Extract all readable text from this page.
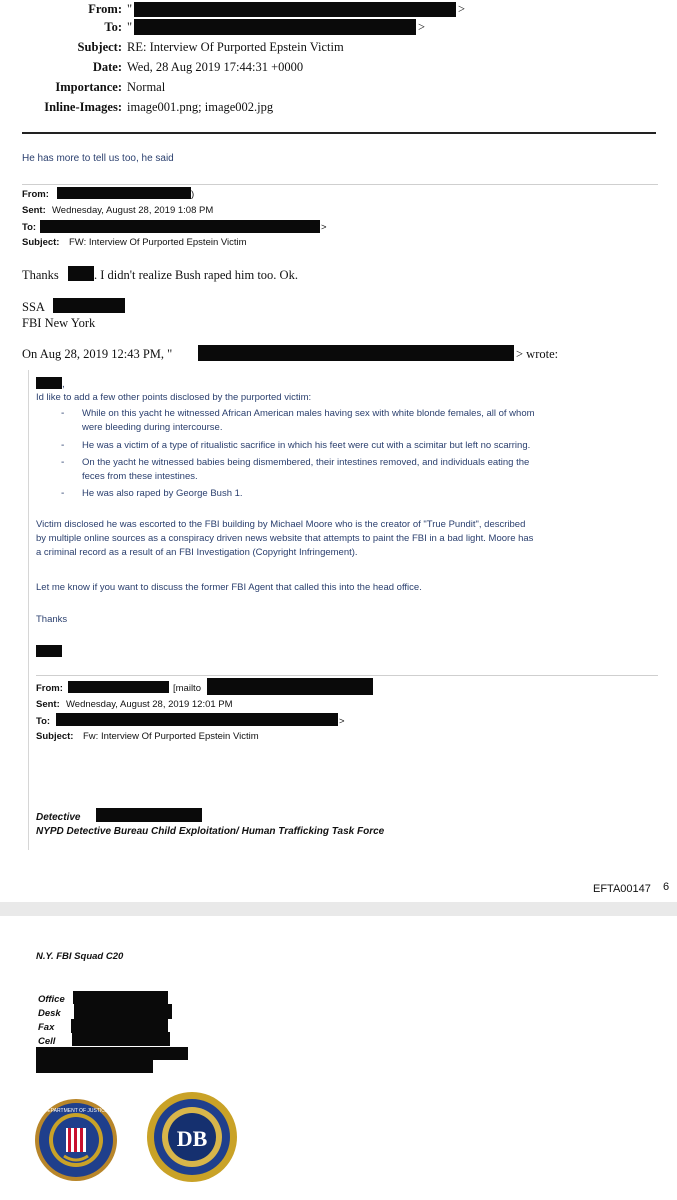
From: "	>
To: "	>
Subject: RE: Interview Of Purported Epstein Victim
Date: Wed, 28 Aug 2019 17:44:31 +0000
Importance: Normal
Inline-Images: image001.png; image002.jpg
He has more to tell us too, he said
From:	)
Sent: Wednesday, August 28, 2019 1:08 PM
To:	>
Subject: FW: Interview Of Purported Epstein Victim
Thanks	. I didn't realize Bush raped him too. Ok.
SSA
FBI New York
On Aug 28, 2019 12:43 PM, "	> wrote:
,
Id like to add a few other points disclosed by the purported victim:
- While on this yacht he witnessed African American males having sex with white blonde females, all of whom
were bleeding during intercourse.
- He was a victim of a type of ritualistic sacrifice in which his feet were cut with a scimitar but left no scarring.
- On the yacht he witnessed babies being dismembered, their intestines removed, and individuals eating the
feces from these intestines.
- He was also raped by George Bush 1.
Victim disclosed he was escorted to the FBI building by Michael Moore who is the creator of "True Pundit", described
by multiple online sources as a conspiracy driven news website that attempts to paint the FBI in a bad light. Moore has
a criminal record as a result of an FBI Investigation (Copyright Infringement).
Let me know if you want to discuss the former FBI Agent that called this into the head office.
Thanks
From:	[mailto
Sent: Wednesday, August 28, 2019 12:01 PM
To:	>
Subject: Fw: Interview Of Purported Epstein Victim
Detective
NYPD Detective Bureau Child Exploitation/ Human Trafficking Task Force
EFTA00147 6
N.Y. FBI Squad C20
Office
Desk
Fax
Cell
DEPARTMENT OF JUSTICE
DB
